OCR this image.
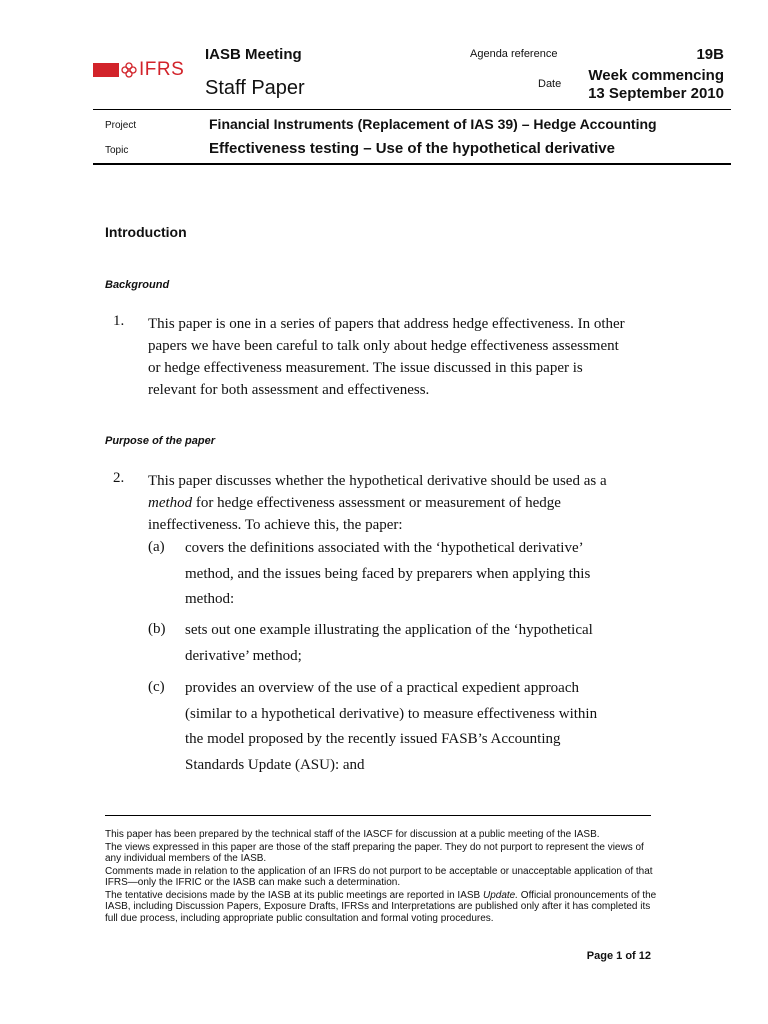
IFRS
IASB Meeting
Staff Paper
Agenda reference
Date
19B
Week commencing
13 September 2010
Project	Financial Instruments (Replacement of IAS 39) – Hedge Accounting
Topic	Effectiveness testing – Use of the hypothetical derivative
Introduction
Background
1. This paper is one in a series of papers that address hedge effectiveness. In other
papers we have been careful to talk only about hedge effectiveness assessment
or hedge effectiveness measurement. The issue discussed in this paper is
relevant for both assessment and effectiveness.
Purpose of the paper
2. This paper discusses whether the hypothetical derivative should be used as a
method for hedge effectiveness assessment or measurement of hedge
ineffectiveness. To achieve this, the paper:
(a) covers the definitions associated with the ‘hypothetical derivative’
method, and the issues being faced by preparers when applying this
method:
(b) sets out one example illustrating the application of the ‘hypothetical
derivative’ method;
(c) provides an overview of the use of a practical expedient approach
(similar to a hypothetical derivative) to measure effectiveness within
the model proposed by the recently issued FASB’s Accounting
Standards Update (ASU): and

This paper has been prepared by the technical staff of the IASCF for discussion at a public meeting of the IASB.

The views expressed in this paper are those of the staff preparing the paper. They do not purport to represent the views of any individual members of the IASB.

Comments made in relation to the application of an IFRS do not purport to be acceptable or unacceptable application of that IFRS—only the IFRIC or the IASB can make such a determination.

The tentative decisions made by the IASB at its public meetings are reported in IASB Update. Official pronouncements of the IASB, including Discussion Papers, Exposure Drafts, IFRSs and Interpretations are published only after it has completed its full due process, including appropriate public consultation and formal voting procedures.

Page 1 of 12
